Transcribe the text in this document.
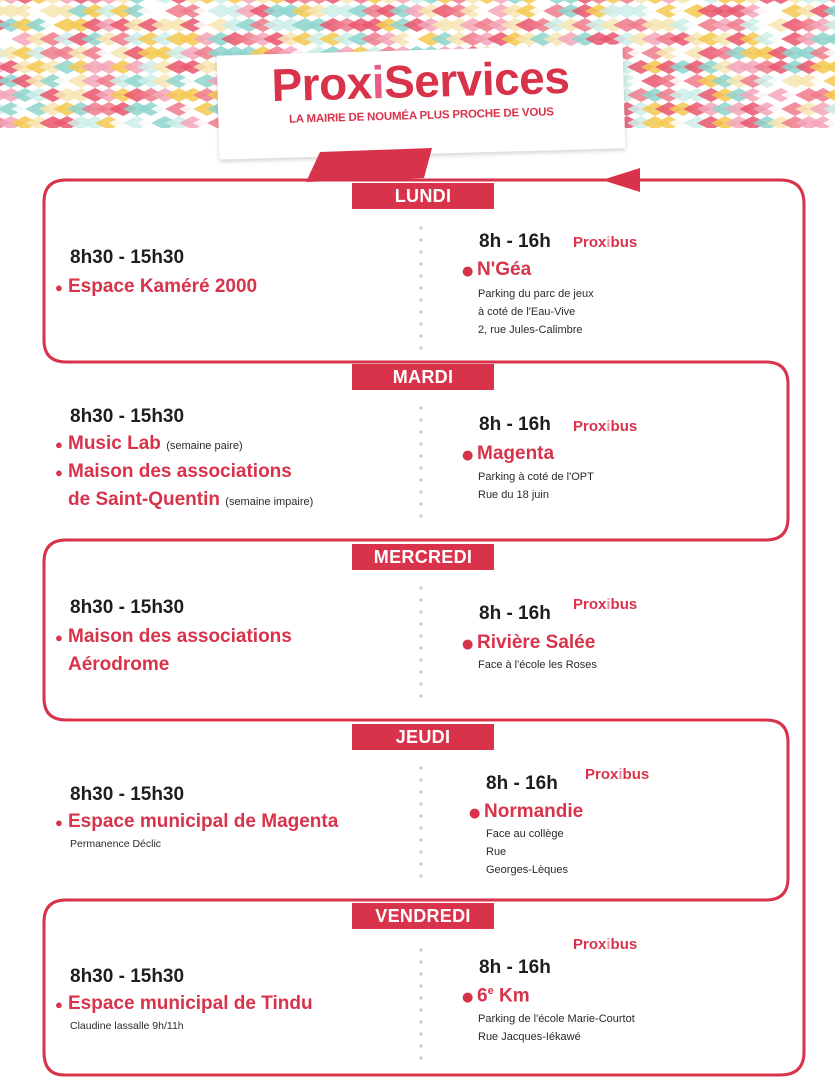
ProxiServices
LA MAIRIE DE NOUMÉA PLUS PROCHE DE VOUS
LUNDI
MARDI
MERCREDI
JEUDI
VENDREDI
8h30 - 15h30
● Espace Kaméré 2000
8h - 16h Proxibus
N'Géa
●
Parking du parc de jeux
à coté de l'Eau-Vive
2, rue Jules-Calimbre
8h30 - 15h30
● Music Lab (semaine paire)
● Maison des associations
de Saint-Quentin (semaine impaire)
8h - 16h Proxibus
Magenta
●
Parking à coté de l'OPT
Rue du 18 juin
8h30 - 15h30
● Maison des associations
Aérodrome
8h - 16h Proxibus
Rivière Salée
●
Face à l'école les Roses
8h30 - 15h30
● Espace municipal de Magenta
Permanence Déclic
8h - 16h Proxibus
Normandie
●
Face au collège
Rue
Georges-Lèques
8h30 - 15h30
● Espace municipal de Tindu
Claudine lassalle 9h/11h
Proxibus
8h - 16h
6e Km
●
Parking de l'école Marie-Courtot
Rue Jacques-Iékawé
